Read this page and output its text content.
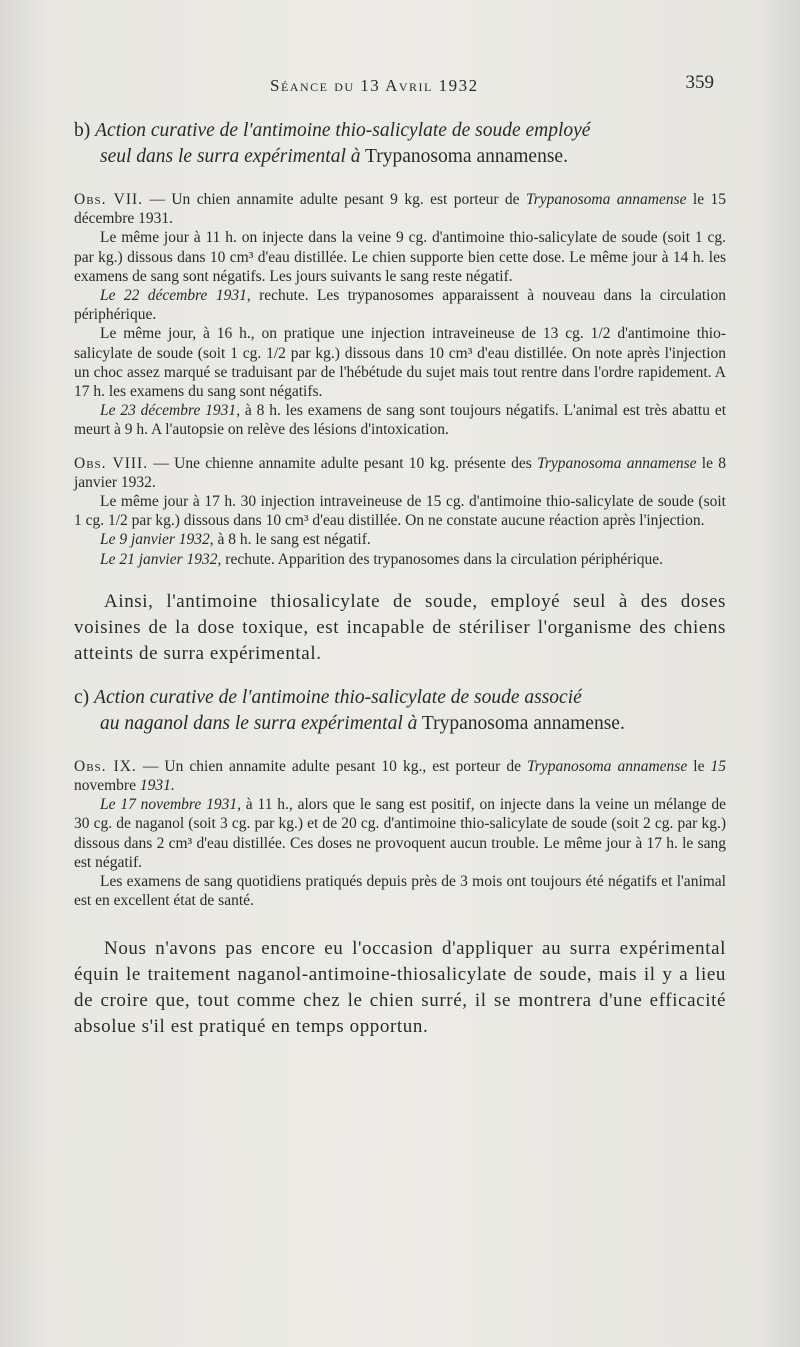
Séance du 13 Avril 1932	359
b) Action curative de l'antimoine thio-salicylate de soude employé
seul dans le surra expérimental à Trypanosoma annamense.

Obs. VII. — Un chien annamite adulte pesant 9 kg. est porteur de Trypanosoma annamense le 15 décembre 1931.

Le même jour à 11 h. on injecte dans la veine 9 cg. d'antimoine thio-salicylate de soude (soit 1 cg. par kg.) dissous dans 10 cm³ d'eau distillée. Le chien supporte bien cette dose. Le même jour à 14 h. les examens de sang sont négatifs. Les jours suivants le sang reste négatif.

Le 22 décembre 1931, rechute. Les trypanosomes apparaissent à nouveau dans la circulation périphérique.

Le même jour, à 16 h., on pratique une injection intraveineuse de 13 cg. 1/2 d'antimoine thio-salicylate de soude (soit 1 cg. 1/2 par kg.) dissous dans 10 cm³ d'eau distillée. On note après l'injection un choc assez marqué se traduisant par de l'hébétude du sujet mais tout rentre dans l'ordre rapidement. A 17 h. les examens du sang sont négatifs.

Le 23 décembre 1931, à 8 h. les examens de sang sont toujours négatifs. L'animal est très abattu et meurt à 9 h. A l'autopsie on relève des lésions d'intoxication.

Obs. VIII. — Une chienne annamite adulte pesant 10 kg. présente des Trypanosoma annamense le 8 janvier 1932.

Le même jour à 17 h. 30 injection intraveineuse de 15 cg. d'antimoine thio-salicylate de soude (soit 1 cg. 1/2 par kg.) dissous dans 10 cm³ d'eau distillée. On ne constate aucune réaction après l'injection.

Le 9 janvier 1932, à 8 h. le sang est négatif.

Le 21 janvier 1932, rechute. Apparition des trypanosomes dans la circulation périphérique.

Ainsi, l'antimoine thiosalicylate de soude, employé seul à des doses voisines de la dose toxique, est incapable de stériliser l'organisme des chiens atteints de surra expérimental.

c) Action curative de l'antimoine thio-salicylate de soude associé
au naganol dans le surra expérimental à Trypanosoma annamense.

Obs. IX. — Un chien annamite adulte pesant 10 kg., est porteur de Trypanosoma annamense le 15 novembre 1931.

Le 17 novembre 1931, à 11 h., alors que le sang est positif, on injecte dans la veine un mélange de 30 cg. de naganol (soit 3 cg. par kg.) et de 20 cg. d'antimoine thio-salicylate de soude (soit 2 cg. par kg.) dissous dans 2 cm³ d'eau distillée. Ces doses ne provoquent aucun trouble. Le même jour à 17 h. le sang est négatif.

Les examens de sang quotidiens pratiqués depuis près de 3 mois ont toujours été négatifs et l'animal est en excellent état de santé.

Nous n'avons pas encore eu l'occasion d'appliquer au surra expérimental équin le traitement naganol-antimoine-thiosalicylate de soude, mais il y a lieu de croire que, tout comme chez le chien surré, il se montrera d'une efficacité absolue s'il est pratiqué en temps opportun.
